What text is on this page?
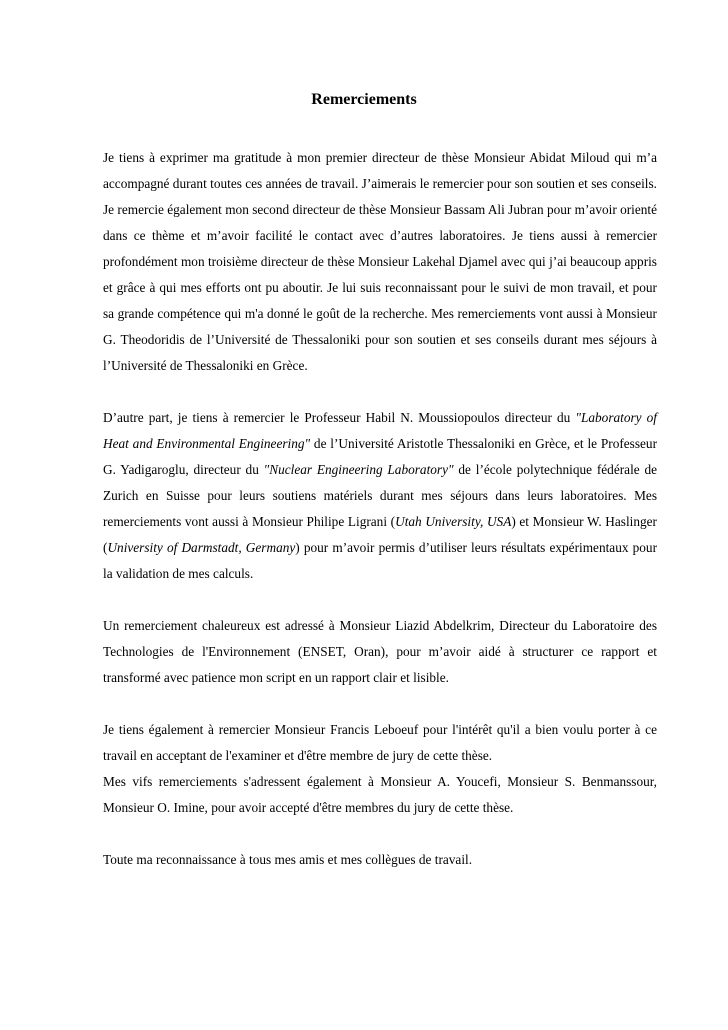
Remerciements

Je tiens à exprimer ma gratitude à mon premier directeur de thèse Monsieur Abidat Miloud qui m’a accompagné durant toutes ces années de travail. J’aimerais le remercier pour son soutien et ses conseils. Je remercie également mon second directeur de thèse Monsieur Bassam Ali Jubran pour m’avoir orienté dans ce thème et m’avoir facilité le contact avec d’autres laboratoires. Je tiens aussi à remercier profondément mon troisième directeur de thèse Monsieur Lakehal Djamel avec qui j’ai beaucoup appris et grâce à qui mes efforts ont pu aboutir. Je lui suis reconnaissant pour le suivi de mon travail, et pour sa grande compétence qui m'a donné le goût de la recherche. Mes remerciements vont aussi à Monsieur G. Theodoridis de l’Université de Thessaloniki pour son soutien et ses conseils durant mes séjours à l’Université de Thessaloniki en Grèce.

D’autre part, je tiens à remercier le Professeur Habil N. Moussiopoulos directeur du "Laboratory of Heat and Environmental Engineering" de l’Université Aristotle Thessaloniki en Grèce, et le Professeur G. Yadigaroglu, directeur du "Nuclear Engineering Laboratory" de l’école polytechnique fédérale de Zurich en Suisse pour leurs soutiens matériels durant mes séjours dans leurs laboratoires. Mes remerciements vont aussi à Monsieur Philipe Ligrani (Utah University, USA) et Monsieur W. Haslinger (University of Darmstadt, Germany) pour m’avoir permis d’utiliser leurs résultats expérimentaux pour la validation de mes calculs.

Un remerciement chaleureux est adressé à Monsieur Liazid Abdelkrim, Directeur du Laboratoire des Technologies de l'Environnement (ENSET, Oran), pour m’avoir aidé à structurer ce rapport et transformé avec patience mon script en un rapport clair et lisible.

Je tiens également à remercier Monsieur Francis Leboeuf pour l'intérêt qu'il a bien voulu porter à ce travail en acceptant de l'examiner et d'être membre de jury de cette thèse.

Mes vifs remerciements s'adressent également à Monsieur A. Youcefi, Monsieur S. Benmanssour, Monsieur O. Imine, pour avoir accepté d'être membres du jury de cette thèse.

Toute ma reconnaissance à tous mes amis et mes collègues de travail.
